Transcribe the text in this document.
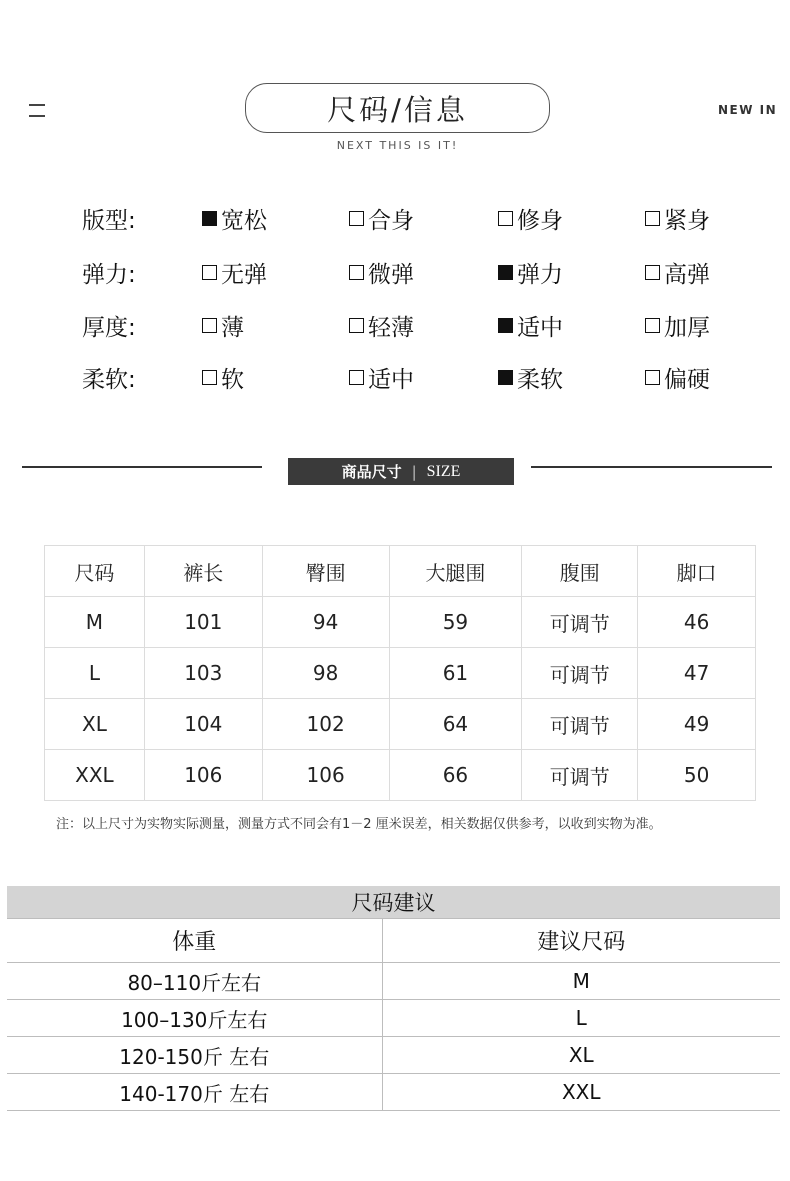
尺码/信息
NEXT THIS IS IT!
NEW IN
版型:	宽松	合身	修身	紧身
弹力:	无弹	微弹	弹力	高弹
厚度:	薄	轻薄	适中	加厚
柔软:	软	适中	柔软	偏硬
商品尺寸 | SIZE
尺码	裤长	臀围	大腿围	腹围	脚口
M	101	94	59	可调节	46
L	103	98	61	可调节	47
XL	104	102	64	可调节	49
XXL	106	106	66	可调节	50
注：以上尺寸为实物实际测量，测量方式不同会有1－2 厘米误差，相关数据仅供参考，以收到实物为准。
尺码建议
体重	建议尺码
80–110斤左右	M
100–130斤左右	L
120-150斤 左右	XL
140-170斤 左右	XXL
